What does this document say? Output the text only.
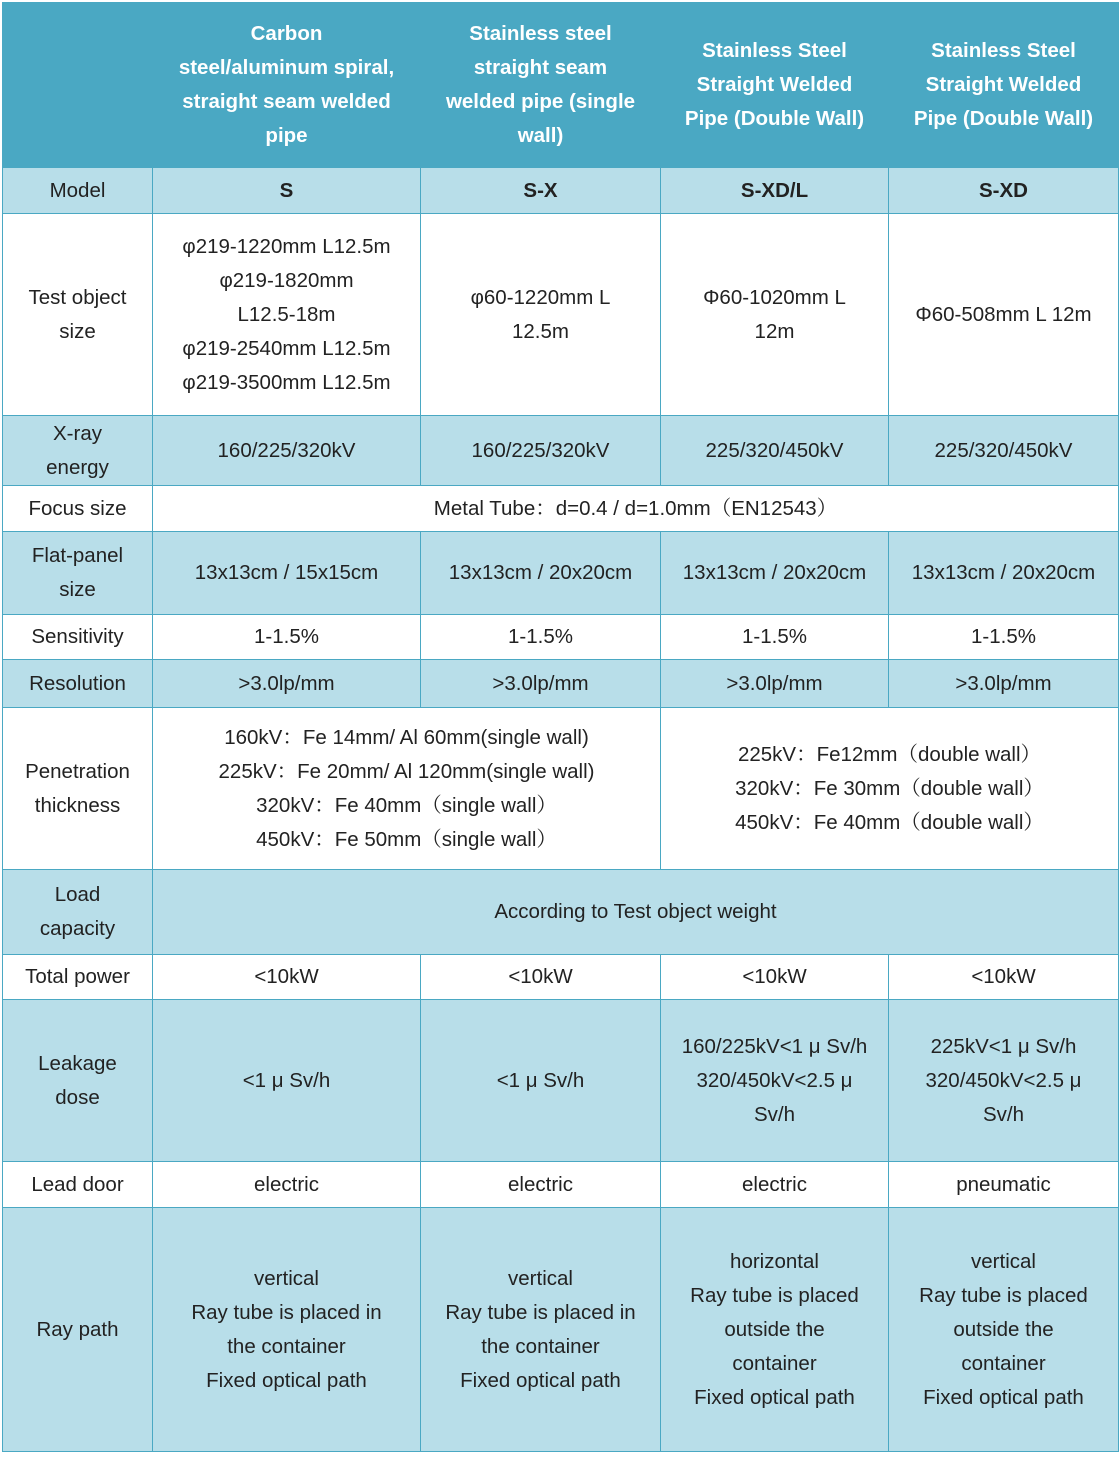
	Carbon
steel/aluminum spiral,
straight seam welded
pipe	Stainless steel
straight seam
welded pipe (single
wall)	Stainless Steel
Straight Welded
Pipe (Double Wall)	Stainless Steel
Straight Welded
Pipe (Double Wall)
Model	S	S-X	S-XD/L	S-XD
Test object
size	φ219-1220mm L12.5m
φ219-1820mm
L12.5-18m
φ219-2540mm L12.5m
φ219-3500mm L12.5m	φ60-1220mm L
12.5m	Φ60-1020mm L
12m	Φ60-508mm L 12m
X-ray
energy	160/225/320kV	160/225/320kV	225/320/450kV	225/320/450kV
Focus size	Metal Tube：d=0.4 / d=1.0mm（EN12543）			
Flat-panel
size	13x13cm / 15x15cm	13x13cm / 20x20cm	13x13cm / 20x20cm	13x13cm / 20x20cm
Sensitivity	1-1.5%	1-1.5%	1-1.5%	1-1.5%
Resolution	>3.0lp/mm	>3.0lp/mm	>3.0lp/mm	>3.0lp/mm
Penetration
thickness	160kV：Fe 14mm/ Al 60mm(single wall)
225kV：Fe 20mm/ Al 120mm(single wall)
320kV：Fe 40mm（single wall）
450kV：Fe 50mm（single wall）		225kV：Fe12mm（double wall）
320kV：Fe 30mm（double wall）
450kV：Fe 40mm（double wall）	
Load
capacity	According to Test object weight			
Total power	<10kW	<10kW	<10kW	<10kW
Leakage
dose	<1 μ Sv/h	<1 μ Sv/h	160/225kV<1 μ Sv/h
320/450kV<2.5 μ
Sv/h	225kV<1 μ Sv/h
320/450kV<2.5 μ
Sv/h
Lead door	electric	electric	electric	pneumatic
Ray path	vertical
Ray tube is placed in
the container
Fixed optical path	vertical
Ray tube is placed in
the container
Fixed optical path	horizontal
Ray tube is placed
outside the
container
Fixed optical path	vertical
Ray tube is placed
outside the
container
Fixed optical path
